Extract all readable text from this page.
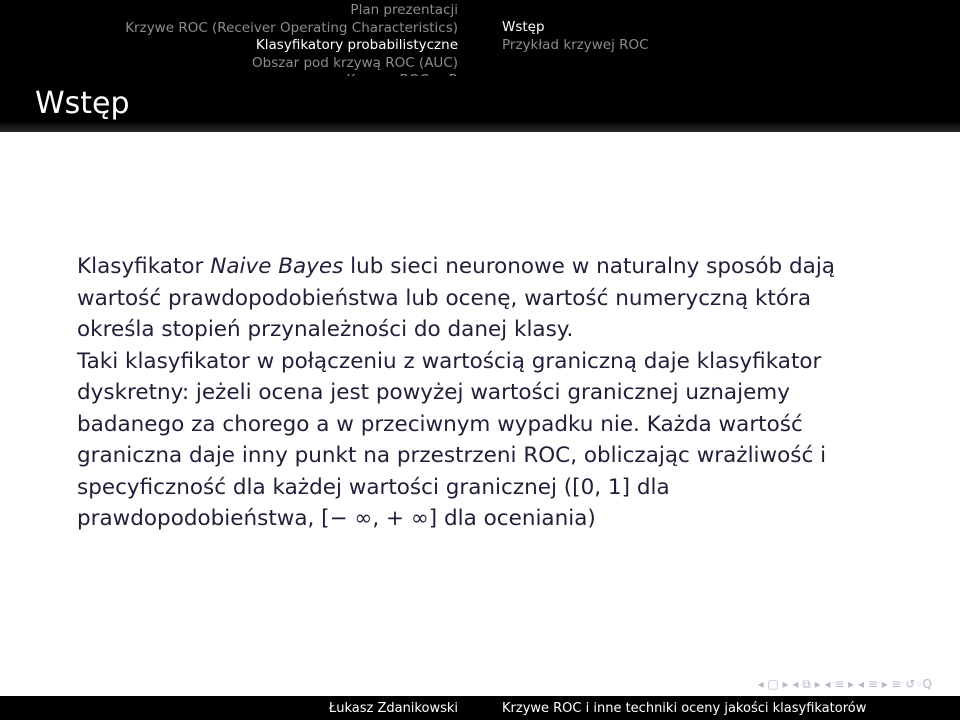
Plan prezentacji
Krzywe ROC (Receiver Operating Characteristics)
Klasyfikatory probabilistyczne
Obszar pod krzywą ROC (AUC)
Wstęp
Przykład krzywej ROC
Wstęp

Klasyfikator Naive Bayes lub sieci neuronowe w naturalny sposób dają wartość prawdopodobieństwa lub ocenę, wartość numeryczną która określa stopień przynależności do danej klasy.

Taki klasyfikator w połączeniu z wartością graniczną daje klasyfikator dyskretny: jeżeli ocena jest powyżej wartości granicznej uznajemy badanego za chorego a w przeciwnym wypadku nie. Każda wartość graniczna daje inny punkt na przestrzeni ROC, obliczając wrażliwość i specyficzność dla każdej wartości granicznej ([0, 1] dla prawdopodobieństwa, [− ∞, + ∞] dla oceniania)

◂ ▢ ▸ ◂ ⧉ ▸ ◂ ≡ ▸ ◂ ≡ ▸ ≡ ↺◦Q
Łukasz Zdanikowski	Krzywe ROC i inne techniki oceny jakości klasyfikatorów
